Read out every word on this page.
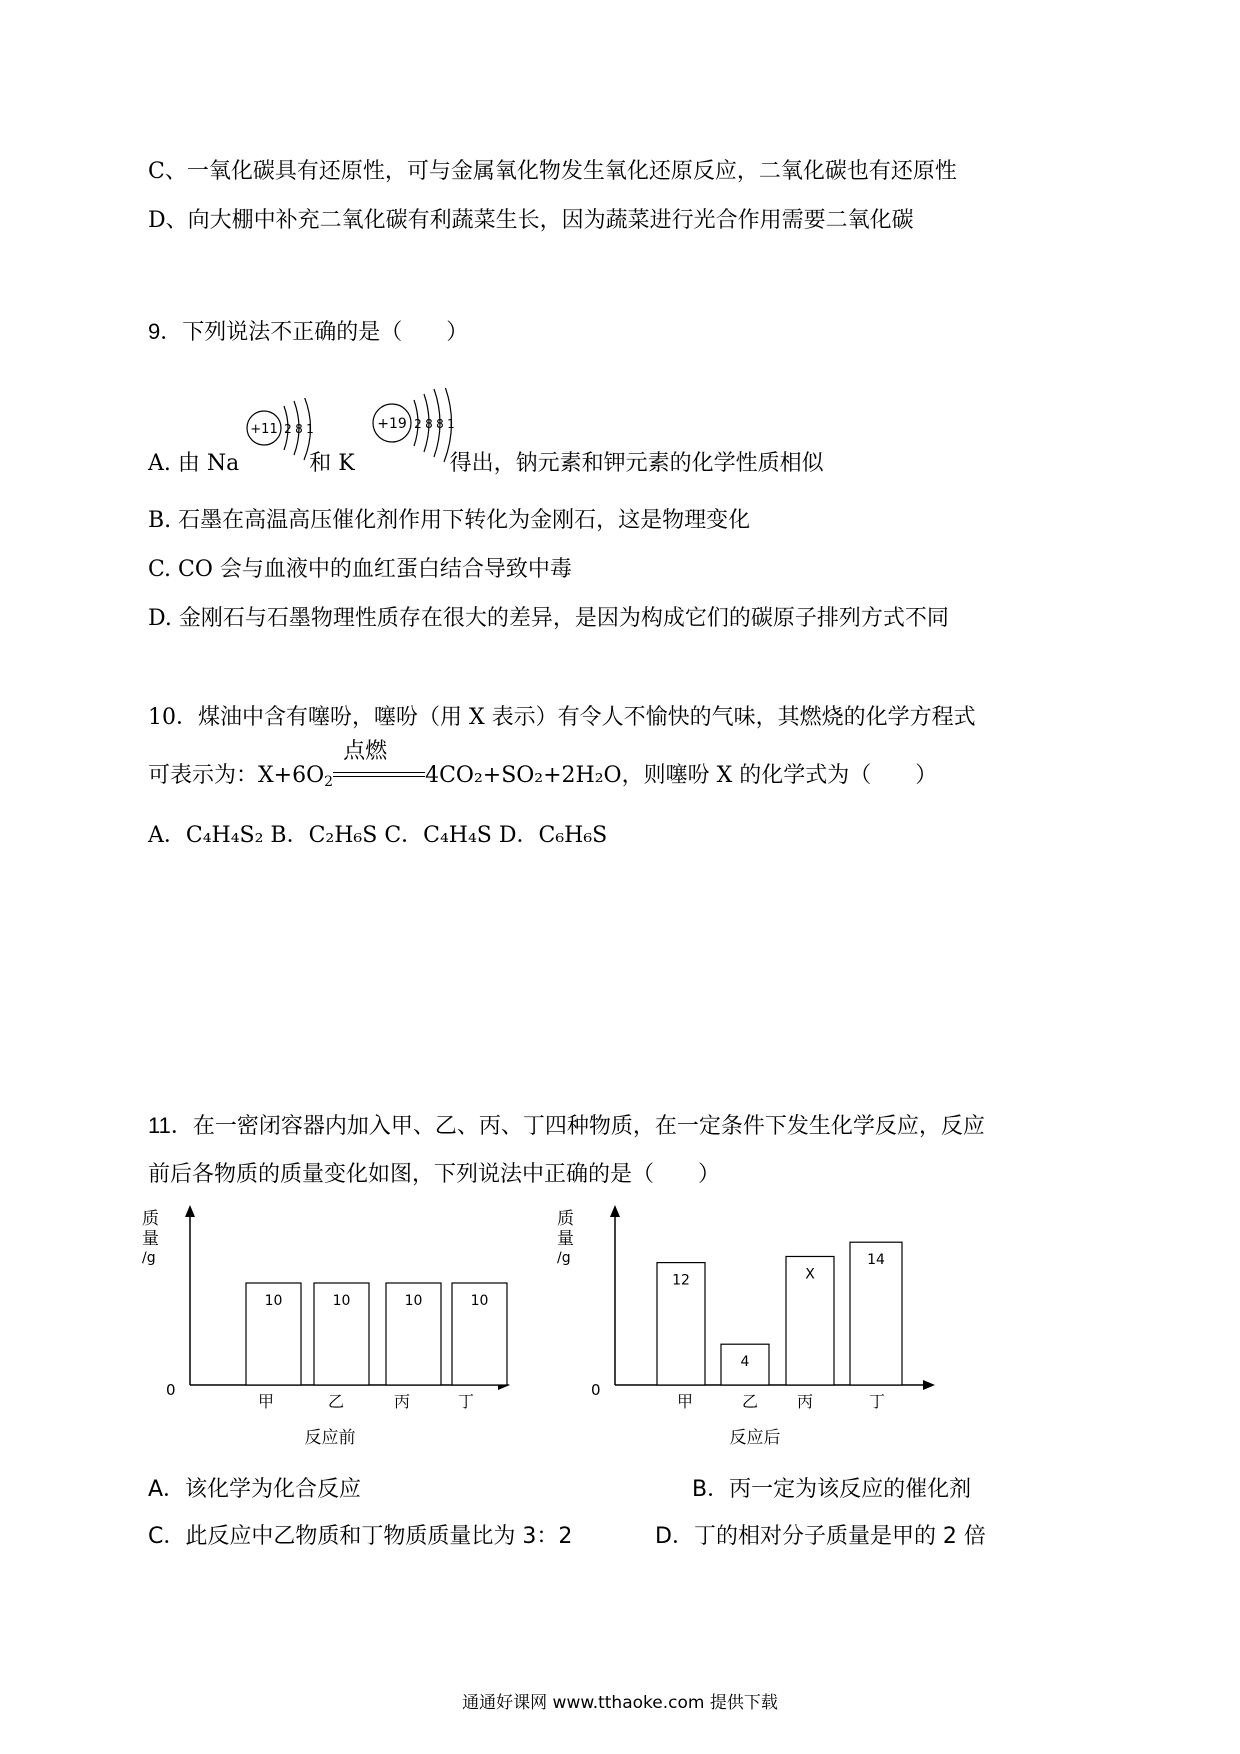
C、一氧化碳具有还原性，可与金属氧化物发生氧化还原反应，二氧化碳也有还原性
D、向大棚中补充二氧化碳有利蔬菜生长，因为蔬菜进行光合作用需要二氧化碳
9．下列说法不正确的是（　　）
A. 由 Na	和 K	得出，钠元素和钾元素的化学性质相似
+11 2 8 1	+19 2 8 8 1
B. 石墨在高温高压催化剂作用下转化为金刚石，这是物理变化
C. CO 会与血液中的血红蛋白结合导致中毒
D. 金刚石与石墨物理性质存在很大的差异，是因为构成它们的碳原子排列方式不同
10．煤油中含有噻吩，噻吩（用 X 表示）有令人不愉快的气味，其燃烧的化学方程式
可表示为：$X+6O_2$
点燃
4CO₂+SO₂+2H₂O，则噻吩 X 的化学式为（　　）
A．C₄H₄S₂ B．C₂H₆S C．C₄H₄S D．C₆H₆S
11．在一密闭容器内加入甲、乙、丙、丁四种物质，在一定条件下发生化学反应，反应
前后各物质的质量变化如图，下列说法中正确的是（　　）
质
量
/g
0
10	10	10	10
甲	乙	丙	丁
反应前
质
量
/g
0
12
4
X
14
甲	乙 丙	丁
反应后
A．该化学为化合反应	B．丙一定为该反应的催化剂
C．此反应中乙物质和丁物质质量比为 3：2	D．丁的相对分子质量是甲的 2 倍
通通好课网 www.tthaoke.com 提供下载
